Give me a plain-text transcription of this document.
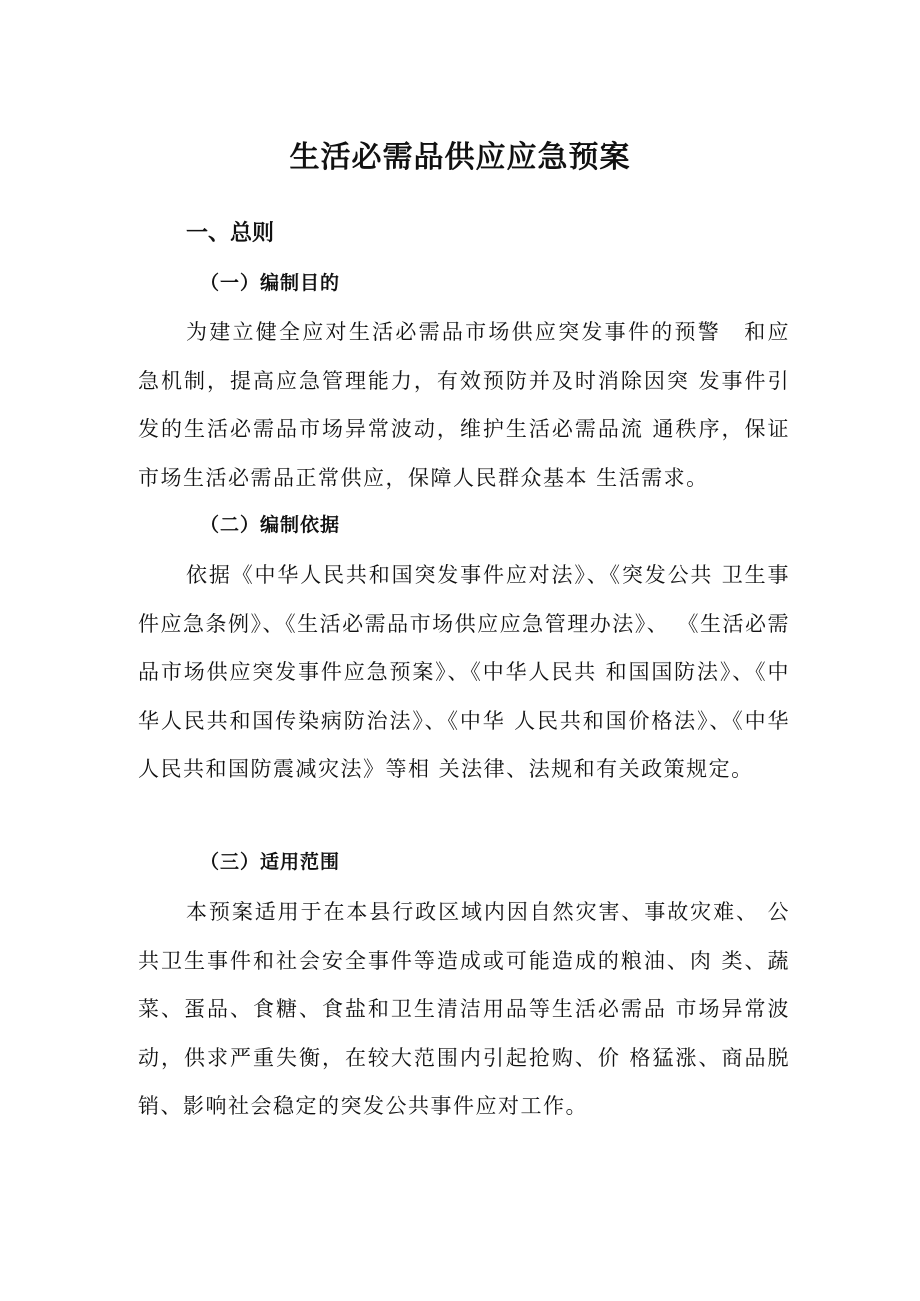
生活必需品供应应急预案
一、总则
（一）编制目的

为建立健全应对生活必需品市场供应突发事件的预警　和应急机制，提高应急管理能力，有效预防并及时消除因突 发事件引发的生活必需品市场异常波动，维护生活必需品流 通秩序，保证市场生活必需品正常供应，保障人民群众基本 生活需求。

（二）编制依据

依据《中华人民共和国突发事件应对法》、《突发公共 卫生事件应急条例》、《生活必需品市场供应应急管理办法》、 《生活必需品市场供应突发事件应急预案》、《中华人民共 和国国防法》、《中华人民共和国传染病防治法》、《中华 人民共和国价格法》、《中华人民共和国防震减灾法》等相 关法律、法规和有关政策规定。

（三）适用范围

本预案适用于在本县行政区域内因自然灾害、事故灾难、 公共卫生事件和社会安全事件等造成或可能造成的粮油、肉 类、蔬菜、蛋品、食糖、食盐和卫生清洁用品等生活必需品 市场异常波动，供求严重失衡，在较大范围内引起抢购、价 格猛涨、商品脱销、影响社会稳定的突发公共事件应对工作。
